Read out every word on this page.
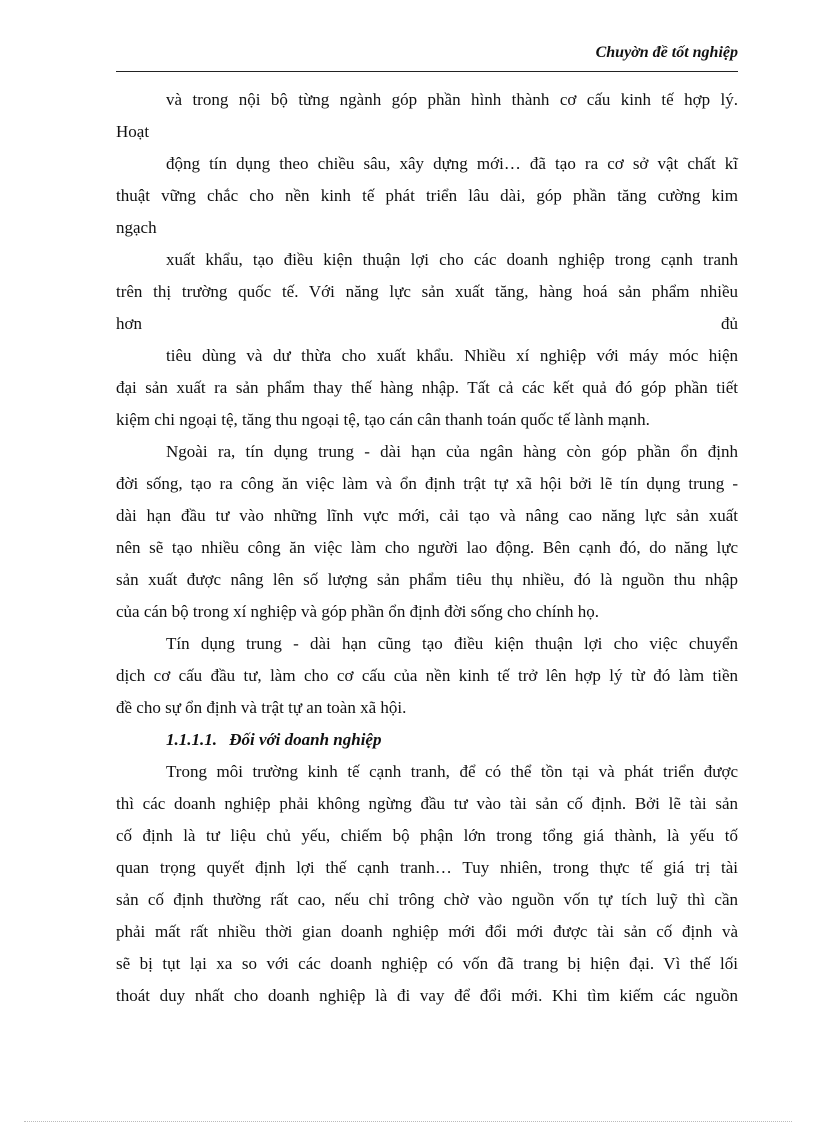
Chuyờn đề tốt nghiệp
và trong nội bộ từng ngành góp phần hình thành cơ cấu kinh tế hợp lý.
Hoạt
động tín dụng theo chiều sâu, xây dựng mới… đã tạo ra cơ sở vật chất kĩ
thuật vững chắc cho nền kinh tế phát triển lâu dài, góp phần tăng cường kim
ngạch
xuất khẩu, tạo điều kiện thuận lợi cho các doanh nghiệp trong cạnh tranh
trên thị trường quốc tế. Với năng lực sản xuất tăng, hàng hoá sản phẩm nhiều
hơn	đủ
tiêu dùng và dư thừa cho xuất khẩu. Nhiều xí nghiệp với máy móc hiện
đại sản xuất ra sản phẩm thay thế hàng nhập. Tất cả các kết quả đó góp phần tiết
kiệm chi ngoại tệ, tăng thu ngoại tệ, tạo cán cân thanh toán quốc tế lành mạnh.
Ngoài ra, tín dụng trung - dài hạn của ngân hàng còn góp phần ổn định
đời sống, tạo ra công ăn việc làm và ổn định trật tự xã hội bởi lẽ tín dụng trung -
dài hạn đầu tư vào những lĩnh vực mới, cải tạo và nâng cao năng lực sản xuất
nên sẽ tạo nhiều công ăn việc làm cho người lao động. Bên cạnh đó, do năng lực
sản xuất được nâng lên số lượng sản phẩm tiêu thụ nhiều, đó là nguồn thu nhập
của cán bộ trong xí nghiệp và góp phần ổn định đời sống cho chính họ.
Tín dụng trung - dài hạn cũng tạo điều kiện thuận lợi cho việc chuyển
dịch cơ cấu đầu tư, làm cho cơ cấu của nền kinh tế trở lên hợp lý từ đó làm tiền
đề cho sự ổn định và trật tự an toàn xã hội.
1.1.1.1. Đối với doanh nghiệp
Trong môi trường kinh tế cạnh tranh, để có thể tồn tại và phát triển được
thì các doanh nghiệp phải không ngừng đầu tư vào tài sản cố định. Bởi lẽ tài sản
cố định là tư liệu chủ yếu, chiếm bộ phận lớn trong tổng giá thành, là yếu tố
quan trọng quyết định lợi thế cạnh tranh… Tuy nhiên, trong thực tế giá trị tài
sản cố định thường rất cao, nếu chỉ trông chờ vào nguồn vốn tự tích luỹ thì cần
phải mất rất nhiều thời gian doanh nghiệp mới đổi mới được tài sản cố định và
sẽ bị tụt lại xa so với các doanh nghiệp có vốn đã trang bị hiện đại. Vì thế lối
thoát duy nhất cho doanh nghiệp là đi vay để đổi mới. Khi tìm kiếm các nguồn
